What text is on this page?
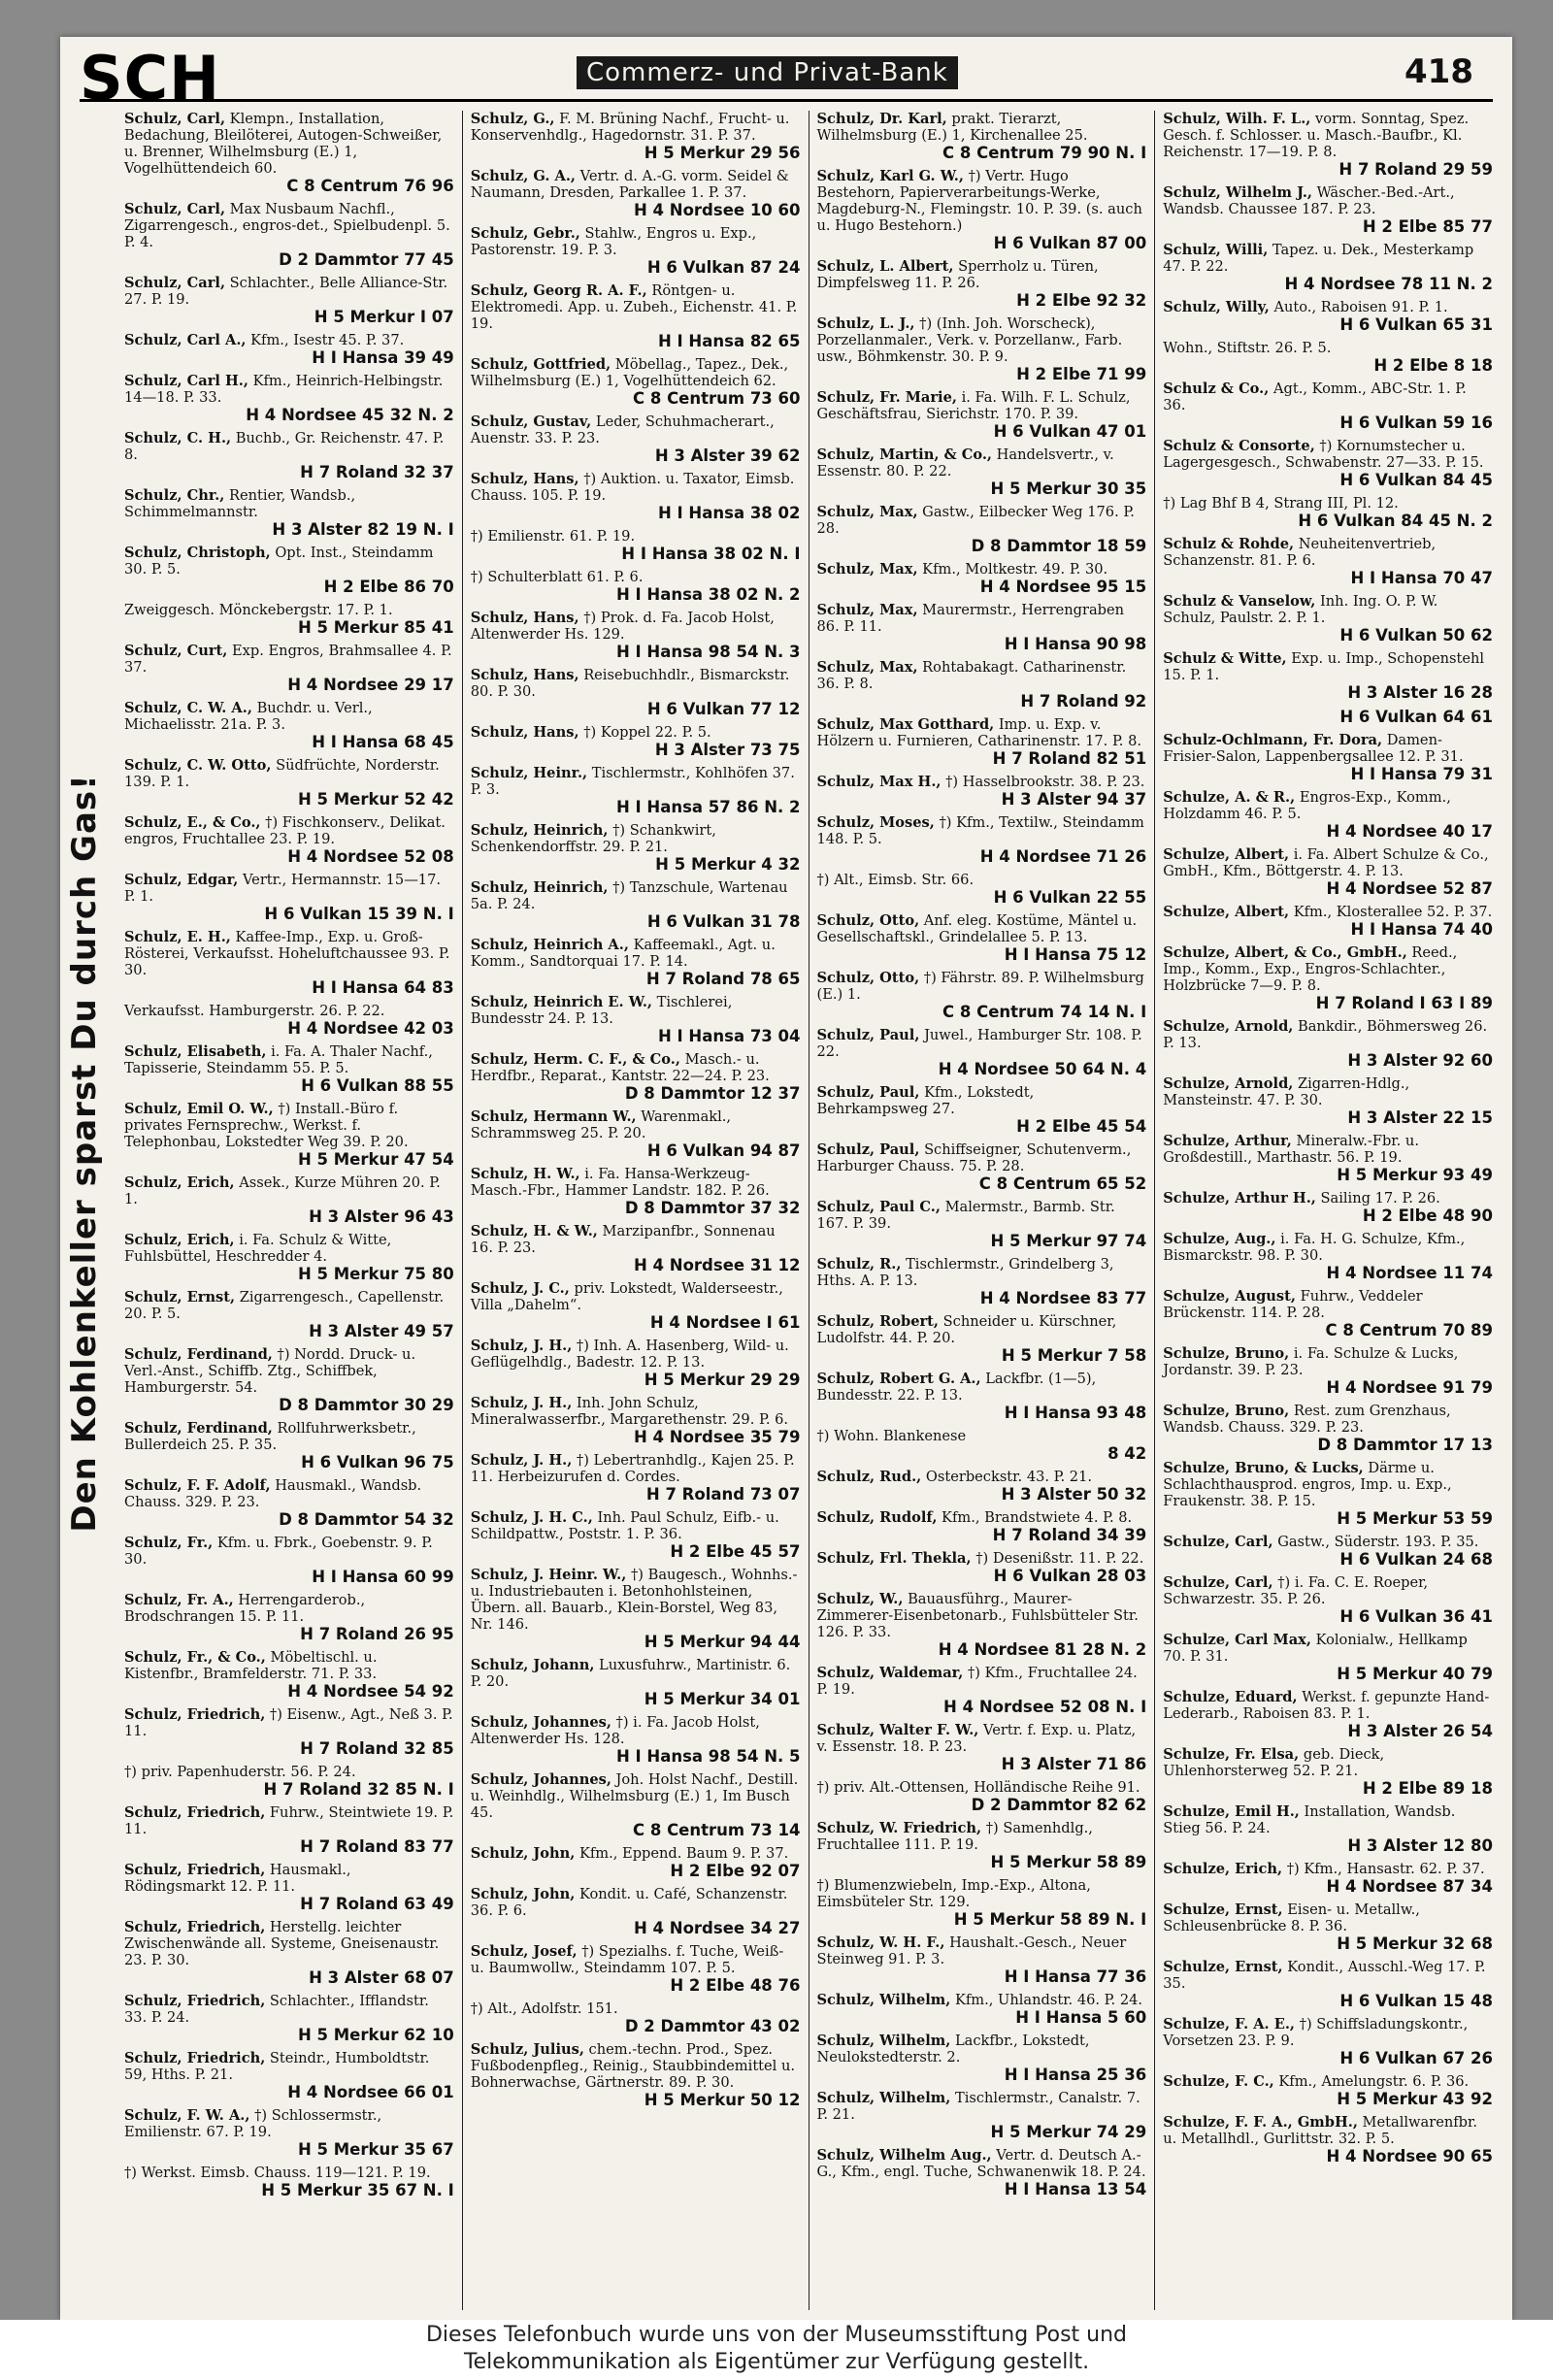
SCH	Commerz- und Privat-Bank	418
Den Kohlenkeller sparst Du durch Gas!
Schulz, Carl, Klempn., Installation, Bedachung, Bleilöterei, Autogen-Schweißer, u. Brenner, Wilhelmsburg (E.) 1, Vogelhüttendeich 60.
C 8 Centrum 76 96
Schulz, Carl, Max Nusbaum Nachfl., Zigarrengesch., engros-det., Spielbudenpl. 5. P. 4.
D 2 Dammtor 77 45
Schulz, Carl, Schlachter., Belle Alliance-Str. 27. P. 19.
H 5 Merkur I 07
Schulz, Carl A., Kfm., Isestr 45. P. 37.
H I Hansa 39 49
Schulz, Carl H., Kfm., Heinrich-Helbingstr. 14—18. P. 33.
H 4 Nordsee 45 32 N. 2
Schulz, C. H., Buchb., Gr. Reichenstr. 47. P. 8.
H 7 Roland 32 37
Schulz, Chr., Rentier, Wandsb., Schimmelmannstr.
H 3 Alster 82 19 N. I
Schulz, Christoph, Opt. Inst., Steindamm 30. P. 5.
H 2 Elbe 86 70
Zweiggesch. Mönckebergstr. 17. P. 1.
H 5 Merkur 85 41
Schulz, Curt, Exp. Engros, Brahmsallee 4. P. 37.
H 4 Nordsee 29 17
Schulz, C. W. A., Buchdr. u. Verl., Michaelisstr. 21a. P. 3.
H I Hansa 68 45
Schulz, C. W. Otto, Südfrüchte, Norderstr. 139. P. 1.
H 5 Merkur 52 42
Schulz, E., & Co., †) Fischkonserv., Delikat. engros, Fruchtallee 23. P. 19.
H 4 Nordsee 52 08
Schulz, Edgar, Vertr., Hermannstr. 15—17. P. 1.
H 6 Vulkan 15 39 N. I
Schulz, E. H., Kaffee-Imp., Exp. u. Groß-Rösterei, Verkaufsst. Hoheluftchaussee 93. P. 30.
H I Hansa 64 83
Verkaufsst. Hamburgerstr. 26. P. 22.
H 4 Nordsee 42 03
Schulz, Elisabeth, i. Fa. A. Thaler Nachf., Tapisserie, Steindamm 55. P. 5.
H 6 Vulkan 88 55
Schulz, Emil O. W., †) Install.-Büro f. privates Fernsprechw., Werkst. f. Telephonbau, Lokstedter Weg 39. P. 20.
H 5 Merkur 47 54
Schulz, Erich, Assek., Kurze Mühren 20. P. 1.
H 3 Alster 96 43
Schulz, Erich, i. Fa. Schulz & Witte, Fuhlsbüttel, Heschredder 4.
H 5 Merkur 75 80
Schulz, Ernst, Zigarrengesch., Capellenstr. 20. P. 5.
H 3 Alster 49 57
Schulz, Ferdinand, †) Nordd. Druck- u. Verl.-Anst., Schiffb. Ztg., Schiffbek, Hamburgerstr. 54.
D 8 Dammtor 30 29
Schulz, Ferdinand, Rollfuhrwerksbetr., Bullerdeich 25. P. 35.
H 6 Vulkan 96 75
Schulz, F. F. Adolf, Hausmakl., Wandsb. Chauss. 329. P. 23.
D 8 Dammtor 54 32
Schulz, Fr., Kfm. u. Fbrk., Goebenstr. 9. P. 30.
H I Hansa 60 99
Schulz, Fr. A., Herrengarderob., Brodschrangen 15. P. 11.
H 7 Roland 26 95
Schulz, Fr., & Co., Möbeltischl. u. Kistenfbr., Bramfelderstr. 71. P. 33.
H 4 Nordsee 54 92
Schulz, Friedrich, †) Eisenw., Agt., Neß 3. P. 11.
H 7 Roland 32 85
†) priv. Papenhuderstr. 56. P. 24.
H 7 Roland 32 85 N. I
Schulz, Friedrich, Fuhrw., Steintwiete 19. P. 11.
H 7 Roland 83 77
Schulz, Friedrich, Hausmakl., Rödingsmarkt 12. P. 11.
H 7 Roland 63 49
Schulz, Friedrich, Herstellg. leichter Zwischenwände all. Systeme, Gneisenaustr. 23. P. 30.
H 3 Alster 68 07
Schulz, Friedrich, Schlachter., Ifflandstr. 33. P. 24.
H 5 Merkur 62 10
Schulz, Friedrich, Steindr., Humboldtstr. 59, Hths. P. 21.
H 4 Nordsee 66 01
Schulz, F. W. A., †) Schlossermstr., Emilienstr. 67. P. 19.
H 5 Merkur 35 67
†) Werkst. Eimsb. Chauss. 119—121. P. 19.
H 5 Merkur 35 67 N. I
Schulz, G., F. M. Brüning Nachf., Frucht- u. Konservenhdlg., Hagedornstr. 31. P. 37.
H 5 Merkur 29 56
Schulz, G. A., Vertr. d. A.-G. vorm. Seidel & Naumann, Dresden, Parkallee 1. P. 37.
H 4 Nordsee 10 60
Schulz, Gebr., Stahlw., Engros u. Exp., Pastorenstr. 19. P. 3.
H 6 Vulkan 87 24
Schulz, Georg R. A. F., Röntgen- u. Elektromedi. App. u. Zubeh., Eichenstr. 41. P. 19.
H I Hansa 82 65
Schulz, Gottfried, Möbellag., Tapez., Dek., Wilhelmsburg (E.) 1, Vogelhüttendeich 62.
C 8 Centrum 73 60
Schulz, Gustav, Leder, Schuhmacherart., Auenstr. 33. P. 23.
H 3 Alster 39 62
Schulz, Hans, †) Auktion. u. Taxator, Eimsb. Chauss. 105. P. 19.
H I Hansa 38 02
†) Emilienstr. 61. P. 19.
H I Hansa 38 02 N. I
†) Schulterblatt 61. P. 6.
H I Hansa 38 02 N. 2
Schulz, Hans, †) Prok. d. Fa. Jacob Holst, Altenwerder Hs. 129.
H I Hansa 98 54 N. 3
Schulz, Hans, Reisebuchhdlr., Bismarckstr. 80. P. 30.
H 6 Vulkan 77 12
Schulz, Hans, †) Koppel 22. P. 5.
H 3 Alster 73 75
Schulz, Heinr., Tischlermstr., Kohlhöfen 37. P. 3.
H I Hansa 57 86 N. 2
Schulz, Heinrich, †) Schankwirt, Schenkendorffstr. 29. P. 21.
H 5 Merkur 4 32
Schulz, Heinrich, †) Tanzschule, Wartenau 5a. P. 24.
H 6 Vulkan 31 78
Schulz, Heinrich A., Kaffeemakl., Agt. u. Komm., Sandtorquai 17. P. 14.
H 7 Roland 78 65
Schulz, Heinrich E. W., Tischlerei, Bundesstr 24. P. 13.
H I Hansa 73 04
Schulz, Herm. C. F., & Co., Masch.- u. Herdfbr., Reparat., Kantstr. 22—24. P. 23.
D 8 Dammtor 12 37
Schulz, Hermann W., Warenmakl., Schrammsweg 25. P. 20.
H 6 Vulkan 94 87
Schulz, H. W., i. Fa. Hansa-Werkzeug-Masch.-Fbr., Hammer Landstr. 182. P. 26.
D 8 Dammtor 37 32
Schulz, H. & W., Marzipanfbr., Sonnenau 16. P. 23.
H 4 Nordsee 31 12
Schulz, J. C., priv. Lokstedt, Walderseestr., Villa „Dahelm“.
H 4 Nordsee I 61
Schulz, J. H., †) Inh. A. Hasenberg, Wild- u. Geflügelhdlg., Badestr. 12. P. 13.
H 5 Merkur 29 29
Schulz, J. H., Inh. John Schulz, Mineralwasserfbr., Margarethenstr. 29. P. 6.
H 4 Nordsee 35 79
Schulz, J. H., †) Lebertranhdlg., Kajen 25. P. 11. Herbeizurufen d. Cordes.
H 7 Roland 73 07
Schulz, J. H. C., Inh. Paul Schulz, Eifb.- u. Schildpattw., Poststr. 1. P. 36.
H 2 Elbe 45 57
Schulz, J. Heinr. W., †) Baugesch., Wohnhs.- u. Industriebauten i. Betonhohlsteinen, Übern. all. Bauarb., Klein-Borstel, Weg 83, Nr. 146.
H 5 Merkur 94 44
Schulz, Johann, Luxusfuhrw., Martinistr. 6. P. 20.
H 5 Merkur 34 01
Schulz, Johannes, †) i. Fa. Jacob Holst, Altenwerder Hs. 128.
H I Hansa 98 54 N. 5
Schulz, Johannes, Joh. Holst Nachf., Destill. u. Weinhdlg., Wilhelmsburg (E.) 1, Im Busch 45.
C 8 Centrum 73 14
Schulz, John, Kfm., Eppend. Baum 9. P. 37.
H 2 Elbe 92 07
Schulz, John, Kondit. u. Café, Schanzenstr. 36. P. 6.
H 4 Nordsee 34 27
Schulz, Josef, †) Spezialhs. f. Tuche, Weiß- u. Baumwollw., Steindamm 107. P. 5.
H 2 Elbe 48 76
†) Alt., Adolfstr. 151.
D 2 Dammtor 43 02
Schulz, Julius, chem.-techn. Prod., Spez. Fußbodenpfleg., Reinig., Staubbindemittel u. Bohnerwachse, Gärtnerstr. 89. P. 30.
H 5 Merkur 50 12
Schulz, Dr. Karl, prakt. Tierarzt, Wilhelmsburg (E.) 1, Kirchenallee 25.
C 8 Centrum 79 90 N. I
Schulz, Karl G. W., †) Vertr. Hugo Bestehorn, Papierverarbeitungs-Werke, Magdeburg-N., Flemingstr. 10. P. 39. (s. auch u. Hugo Bestehorn.)
H 6 Vulkan 87 00
Schulz, L. Albert, Sperrholz u. Türen, Dimpfelsweg 11. P. 26.
H 2 Elbe 92 32
Schulz, L. J., †) (Inh. Joh. Worscheck), Porzellanmaler., Verk. v. Porzellanw., Farb. usw., Böhmkenstr. 30. P. 9.
H 2 Elbe 71 99
Schulz, Fr. Marie, i. Fa. Wilh. F. L. Schulz, Geschäftsfrau, Sierichstr. 170. P. 39.
H 6 Vulkan 47 01
Schulz, Martin, & Co., Handelsvertr., v. Essenstr. 80. P. 22.
H 5 Merkur 30 35
Schulz, Max, Gastw., Eilbecker Weg 176. P. 28.
D 8 Dammtor 18 59
Schulz, Max, Kfm., Moltkestr. 49. P. 30.
H 4 Nordsee 95 15
Schulz, Max, Maurermstr., Herrengraben 86. P. 11.
H I Hansa 90 98
Schulz, Max, Rohtabakagt. Catharinenstr. 36. P. 8.
H 7 Roland 92
Schulz, Max Gotthard, Imp. u. Exp. v. Hölzern u. Furnieren, Catharinenstr. 17. P. 8.
H 7 Roland 82 51
Schulz, Max H., †) Hasselbrookstr. 38. P. 23.
H 3 Alster 94 37
Schulz, Moses, †) Kfm., Textilw., Steindamm 148. P. 5.
H 4 Nordsee 71 26
†) Alt., Eimsb. Str. 66.
H 6 Vulkan 22 55
Schulz, Otto, Anf. eleg. Kostüme, Mäntel u. Gesellschaftskl., Grindelallee 5. P. 13.
H I Hansa 75 12
Schulz, Otto, †) Fährstr. 89. P. Wilhelmsburg (E.) 1.
C 8 Centrum 74 14 N. I
Schulz, Paul, Juwel., Hamburger Str. 108. P. 22.
H 4 Nordsee 50 64 N. 4
Schulz, Paul, Kfm., Lokstedt, Behrkampsweg 27.
H 2 Elbe 45 54
Schulz, Paul, Schiffseigner, Schutenverm., Harburger Chauss. 75. P. 28.
C 8 Centrum 65 52
Schulz, Paul C., Malermstr., Barmb. Str. 167. P. 39.
H 5 Merkur 97 74
Schulz, R., Tischlermstr., Grindelberg 3, Hths. A. P. 13.
H 4 Nordsee 83 77
Schulz, Robert, Schneider u. Kürschner, Ludolfstr. 44. P. 20.
H 5 Merkur 7 58
Schulz, Robert G. A., Lackfbr. (1—5), Bundesstr. 22. P. 13.
H I Hansa 93 48
†) Wohn. Blankenese
8 42
Schulz, Rud., Osterbeckstr. 43. P. 21.
H 3 Alster 50 32
Schulz, Rudolf, Kfm., Brandstwiete 4. P. 8.
H 7 Roland 34 39
Schulz, Frl. Thekla, †) Desenißstr. 11. P. 22.
H 6 Vulkan 28 03
Schulz, W., Bauausführg., Maurer-Zimmerer-Eisenbetonarb., Fuhlsbütteler Str. 126. P. 33.
H 4 Nordsee 81 28 N. 2
Schulz, Waldemar, †) Kfm., Fruchtallee 24. P. 19.
H 4 Nordsee 52 08 N. I
Schulz, Walter F. W., Vertr. f. Exp. u. Platz, v. Essenstr. 18. P. 23.
H 3 Alster 71 86
†) priv. Alt.-Ottensen, Holländische Reihe 91.
D 2 Dammtor 82 62
Schulz, W. Friedrich, †) Samenhdlg., Fruchtallee 111. P. 19.
H 5 Merkur 58 89
†) Blumenzwiebeln, Imp.-Exp., Altona, Eimsbüteler Str. 129.
H 5 Merkur 58 89 N. I
Schulz, W. H. F., Haushalt.-Gesch., Neuer Steinweg 91. P. 3.
H I Hansa 77 36
Schulz, Wilhelm, Kfm., Uhlandstr. 46. P. 24.
H I Hansa 5 60
Schulz, Wilhelm, Lackfbr., Lokstedt, Neulokstedterstr. 2.
H I Hansa 25 36
Schulz, Wilhelm, Tischlermstr., Canalstr. 7. P. 21.
H 5 Merkur 74 29
Schulz, Wilhelm Aug., Vertr. d. Deutsch A.-G., Kfm., engl. Tuche, Schwanenwik 18. P. 24.
H I Hansa 13 54
Schulz, Wilh. F. L., vorm. Sonntag, Spez. Gesch. f. Schlosser. u. Masch.-Baufbr., Kl. Reichenstr. 17—19. P. 8.
H 7 Roland 29 59
Schulz, Wilhelm J., Wäscher.-Bed.-Art., Wandsb. Chaussee 187. P. 23.
H 2 Elbe 85 77
Schulz, Willi, Tapez. u. Dek., Mesterkamp 47. P. 22.
H 4 Nordsee 78 11 N. 2
Schulz, Willy, Auto., Raboisen 91. P. 1.
H 6 Vulkan 65 31
Wohn., Stiftstr. 26. P. 5.
H 2 Elbe 8 18
Schulz & Co., Agt., Komm., ABC-Str. 1. P. 36.
H 6 Vulkan 59 16
Schulz & Consorte, †) Kornumstecher u. Lagergesgesch., Schwabenstr. 27—33. P. 15.
H 6 Vulkan 84 45
†) Lag Bhf B 4, Strang III, Pl. 12.
H 6 Vulkan 84 45 N. 2
Schulz & Rohde, Neuheitenvertrieb, Schanzenstr. 81. P. 6.
H I Hansa 70 47
Schulz & Vanselow, Inh. Ing. O. P. W. Schulz, Paulstr. 2. P. 1.
H 6 Vulkan 50 62
Schulz & Witte, Exp. u. Imp., Schopenstehl 15. P. 1.
H 3 Alster 16 28
H 6 Vulkan 64 61
Schulz-Ochlmann, Fr. Dora, Damen-Frisier-Salon, Lappenbergsallee 12. P. 31.
H I Hansa 79 31
Schulze, A. & R., Engros-Exp., Komm., Holzdamm 46. P. 5.
H 4 Nordsee 40 17
Schulze, Albert, i. Fa. Albert Schulze & Co., GmbH., Kfm., Böttgerstr. 4. P. 13.
H 4 Nordsee 52 87
Schulze, Albert, Kfm., Klosterallee 52. P. 37.
H I Hansa 74 40
Schulze, Albert, & Co., GmbH., Reed., Imp., Komm., Exp., Engros-Schlachter., Holzbrücke 7—9. P. 8.
H 7 Roland I 63 I 89
Schulze, Arnold, Bankdir., Böhmersweg 26. P. 13.
H 3 Alster 92 60
Schulze, Arnold, Zigarren-Hdlg., Mansteinstr. 47. P. 30.
H 3 Alster 22 15
Schulze, Arthur, Mineralw.-Fbr. u. Großdestill., Marthastr. 56. P. 19.
H 5 Merkur 93 49
Schulze, Arthur H., Sailing 17. P. 26.
H 2 Elbe 48 90
Schulze, Aug., i. Fa. H. G. Schulze, Kfm., Bismarckstr. 98. P. 30.
H 4 Nordsee 11 74
Schulze, August, Fuhrw., Veddeler Brückenstr. 114. P. 28.
C 8 Centrum 70 89
Schulze, Bruno, i. Fa. Schulze & Lucks, Jordanstr. 39. P. 23.
H 4 Nordsee 91 79
Schulze, Bruno, Rest. zum Grenzhaus, Wandsb. Chauss. 329. P. 23.
D 8 Dammtor 17 13
Schulze, Bruno, & Lucks, Därme u. Schlachthausprod. engros, Imp. u. Exp., Fraukenstr. 38. P. 15.
H 5 Merkur 53 59
Schulze, Carl, Gastw., Süderstr. 193. P. 35.
H 6 Vulkan 24 68
Schulze, Carl, †) i. Fa. C. E. Roeper, Schwarzestr. 35. P. 26.
H 6 Vulkan 36 41
Schulze, Carl Max, Kolonialw., Hellkamp 70. P. 31.
H 5 Merkur 40 79
Schulze, Eduard, Werkst. f. gepunzte Hand-Lederarb., Raboisen 83. P. 1.
H 3 Alster 26 54
Schulze, Fr. Elsa, geb. Dieck, Uhlenhorsterweg 52. P. 21.
H 2 Elbe 89 18
Schulze, Emil H., Installation, Wandsb. Stieg 56. P. 24.
H 3 Alster 12 80
Schulze, Erich, †) Kfm., Hansastr. 62. P. 37.
H 4 Nordsee 87 34
Schulze, Ernst, Eisen- u. Metallw., Schleusenbrücke 8. P. 36.
H 5 Merkur 32 68
Schulze, Ernst, Kondit., Ausschl.-Weg 17. P. 35.
H 6 Vulkan 15 48
Schulze, F. A. E., †) Schiffsladungskontr., Vorsetzen 23. P. 9.
H 6 Vulkan 67 26
Schulze, F. C., Kfm., Amelungstr. 6. P. 36.
H 5 Merkur 43 92
Schulze, F. F. A., GmbH., Metallwarenfbr. u. Metallhdl., Gurlittstr. 32. P. 5.
H 4 Nordsee 90 65
Dieses Telefonbuch wurde uns von der Museumsstiftung Post und
Telekommunikation als Eigentümer zur Verfügung gestellt.
